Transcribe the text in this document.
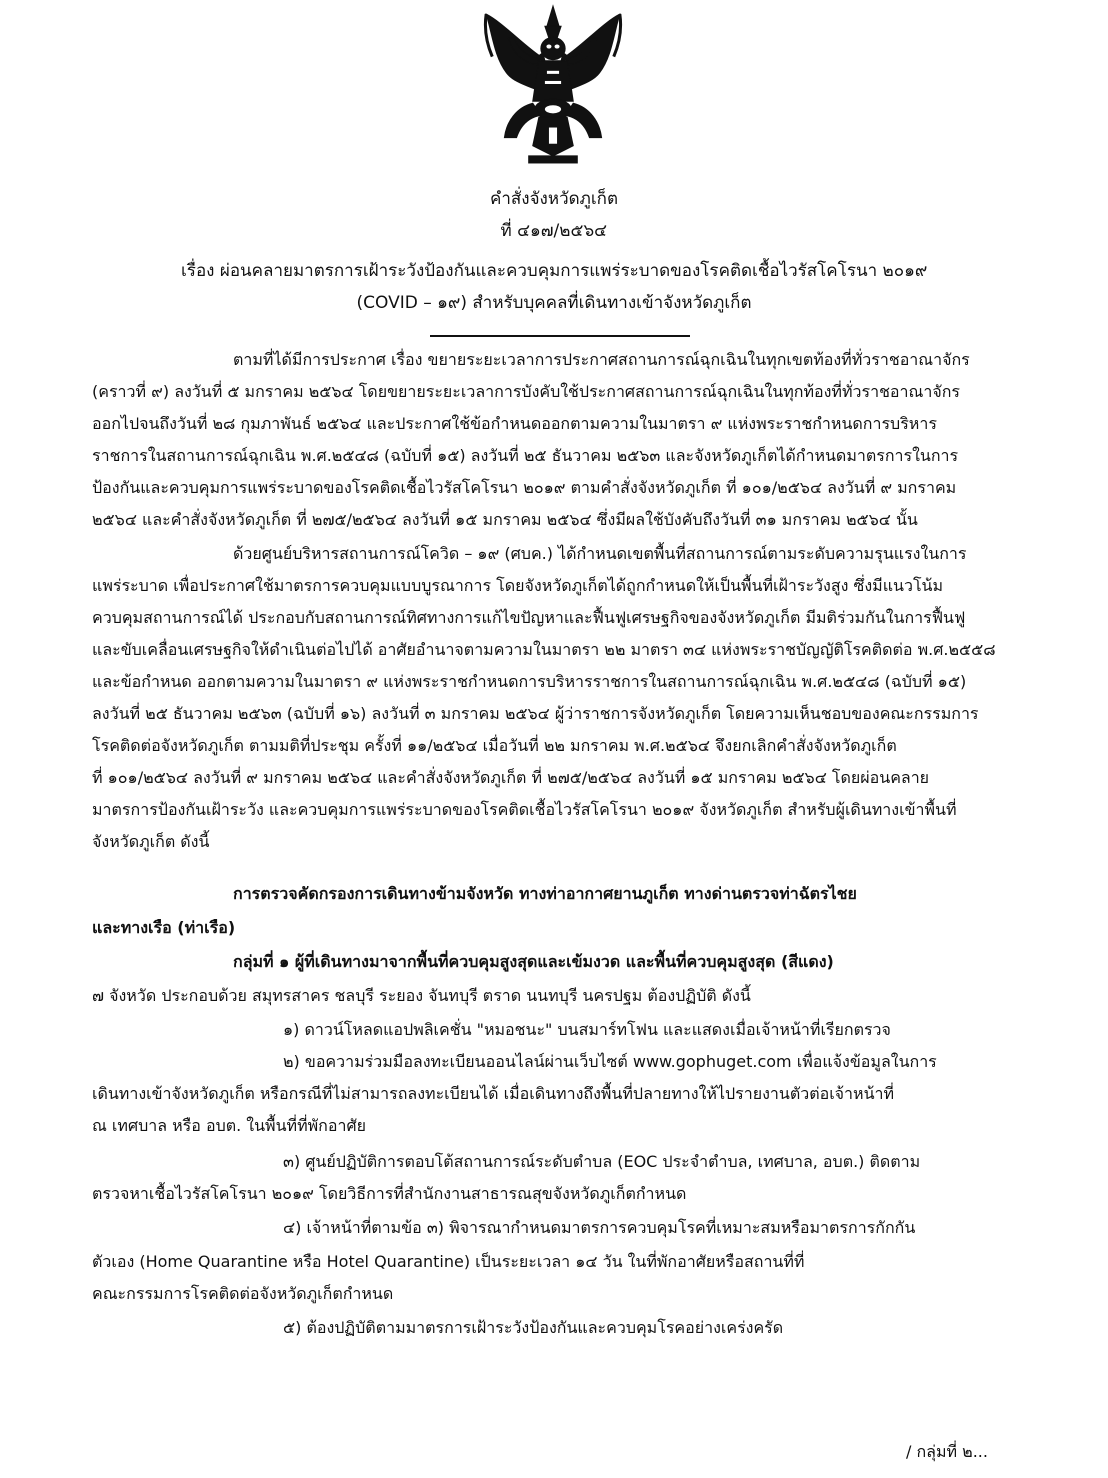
คำสั่งจังหวัดภูเก็ต
ที่ ๔๑๗/๒๕๖๔
เรื่อง ผ่อนคลายมาตรการเฝ้าระวังป้องกันและควบคุมการแพร่ระบาดของโรคติดเชื้อไวรัสโคโรนา ๒๐๑๙
(COVID – ๑๙) สำหรับบุคคลที่เดินทางเข้าจังหวัดภูเก็ต
ตามที่ได้มีการประกาศ เรื่อง ขยายระยะเวลาการประกาศสถานการณ์ฉุกเฉินในทุกเขตท้องที่ทั่วราชอาณาจักร
(คราวที่ ๙) ลงวันที่ ๕ มกราคม ๒๕๖๔ โดยขยายระยะเวลาการบังคับใช้ประกาศสถานการณ์ฉุกเฉินในทุกท้องที่ทั่วราชอาณาจักร
ออกไปจนถึงวันที่ ๒๘ กุมภาพันธ์ ๒๕๖๔ และประกาศใช้ข้อกำหนดออกตามความในมาตรา ๙ แห่งพระราชกำหนดการบริหาร
ราชการในสถานการณ์ฉุกเฉิน พ.ศ.๒๕๔๘ (ฉบับที่ ๑๕) ลงวันที่ ๒๕ ธันวาคม ๒๕๖๓ และจังหวัดภูเก็ตได้กำหนดมาตรการในการ
ป้องกันและควบคุมการแพร่ระบาดของโรคติดเชื้อไวรัสโคโรนา ๒๐๑๙ ตามคำสั่งจังหวัดภูเก็ต ที่ ๑๐๑/๒๕๖๔ ลงวันที่ ๙ มกราคม
๒๕๖๔ และคำสั่งจังหวัดภูเก็ต ที่ ๒๗๕/๒๕๖๔ ลงวันที่ ๑๕ มกราคม ๒๕๖๔ ซึ่งมีผลใช้บังคับถึงวันที่ ๓๑ มกราคม ๒๕๖๔ นั้น
ด้วยศูนย์บริหารสถานการณ์โควิด – ๑๙ (ศบค.) ได้กำหนดเขตพื้นที่สถานการณ์ตามระดับความรุนแรงในการ
แพร่ระบาด เพื่อประกาศใช้มาตรการควบคุมแบบบูรณาการ โดยจังหวัดภูเก็ตได้ถูกกำหนดให้เป็นพื้นที่เฝ้าระวังสูง ซึ่งมีแนวโน้ม
ควบคุมสถานการณ์ได้ ประกอบกับสถานการณ์ทิศทางการแก้ไขปัญหาและฟื้นฟูเศรษฐกิจของจังหวัดภูเก็ต มีมติร่วมกันในการฟื้นฟู
และขับเคลื่อนเศรษฐกิจให้ดำเนินต่อไปได้ อาศัยอำนาจตามความในมาตรา ๒๒ มาตรา ๓๔ แห่งพระราชบัญญัติโรคติดต่อ พ.ศ.๒๕๕๘
และข้อกำหนด ออกตามความในมาตรา ๙ แห่งพระราชกำหนดการบริหารราชการในสถานการณ์ฉุกเฉิน พ.ศ.๒๕๔๘ (ฉบับที่ ๑๕)
ลงวันที่ ๒๕ ธันวาคม ๒๕๖๓ (ฉบับที่ ๑๖) ลงวันที่ ๓ มกราคม ๒๕๖๔ ผู้ว่าราชการจังหวัดภูเก็ต โดยความเห็นชอบของคณะกรรมการ
โรคติดต่อจังหวัดภูเก็ต ตามมติที่ประชุม ครั้งที่ ๑๑/๒๕๖๔ เมื่อวันที่ ๒๒ มกราคม พ.ศ.๒๕๖๔ จึงยกเลิกคำสั่งจังหวัดภูเก็ต
ที่ ๑๐๑/๒๕๖๔ ลงวันที่ ๙ มกราคม ๒๕๖๔ และคำสั่งจังหวัดภูเก็ต ที่ ๒๗๕/๒๕๖๔ ลงวันที่ ๑๕ มกราคม ๒๕๖๔ โดยผ่อนคลาย
มาตรการป้องกันเฝ้าระวัง และควบคุมการแพร่ระบาดของโรคติดเชื้อไวรัสโคโรนา ๒๐๑๙ จังหวัดภูเก็ต สำหรับผู้เดินทางเข้าพื้นที่
จังหวัดภูเก็ต ดังนี้
การตรวจคัดกรองการเดินทางข้ามจังหวัด ทางท่าอากาศยานภูเก็ต ทางด่านตรวจท่าฉัตรไชย
และทางเรือ (ท่าเรือ)
กลุ่มที่ ๑ ผู้ที่เดินทางมาจากพื้นที่ควบคุมสูงสุดและเข้มงวด และพื้นที่ควบคุมสูงสุด (สีแดง)
๗ จังหวัด ประกอบด้วย สมุทรสาคร ชลบุรี ระยอง จันทบุรี ตราด นนทบุรี นครปฐม ต้องปฏิบัติ ดังนี้
๑) ดาวน์โหลดแอปพลิเคชั่น "หมอชนะ" บนสมาร์ทโฟน และแสดงเมื่อเจ้าหน้าที่เรียกตรวจ
๒) ขอความร่วมมือลงทะเบียนออนไลน์ผ่านเว็บไซต์ www.gophuget.com เพื่อแจ้งข้อมูลในการ
เดินทางเข้าจังหวัดภูเก็ต หรือกรณีที่ไม่สามารถลงทะเบียนได้ เมื่อเดินทางถึงพื้นที่ปลายทางให้ไปรายงานตัวต่อเจ้าหน้าที่
ณ เทศบาล หรือ อบต. ในพื้นที่ที่พักอาศัย
๓) ศูนย์ปฏิบัติการตอบโต้สถานการณ์ระดับตำบล (EOC ประจำตำบล, เทศบาล, อบต.) ติดตาม
ตรวจหาเชื้อไวรัสโคโรนา ๒๐๑๙ โดยวิธีการที่สำนักงานสาธารณสุขจังหวัดภูเก็ตกำหนด
๔) เจ้าหน้าที่ตามข้อ ๓) พิจารณากำหนดมาตรการควบคุมโรคที่เหมาะสมหรือมาตรการกักกัน
ตัวเอง (Home Quarantine หรือ Hotel Quarantine) เป็นระยะเวลา ๑๔ วัน ในที่พักอาศัยหรือสถานที่ที่
คณะกรรมการโรคติดต่อจังหวัดภูเก็ตกำหนด
๕) ต้องปฏิบัติตามมาตรการเฝ้าระวังป้องกันและควบคุมโรคอย่างเคร่งครัด
/ กลุ่มที่ ๒...
